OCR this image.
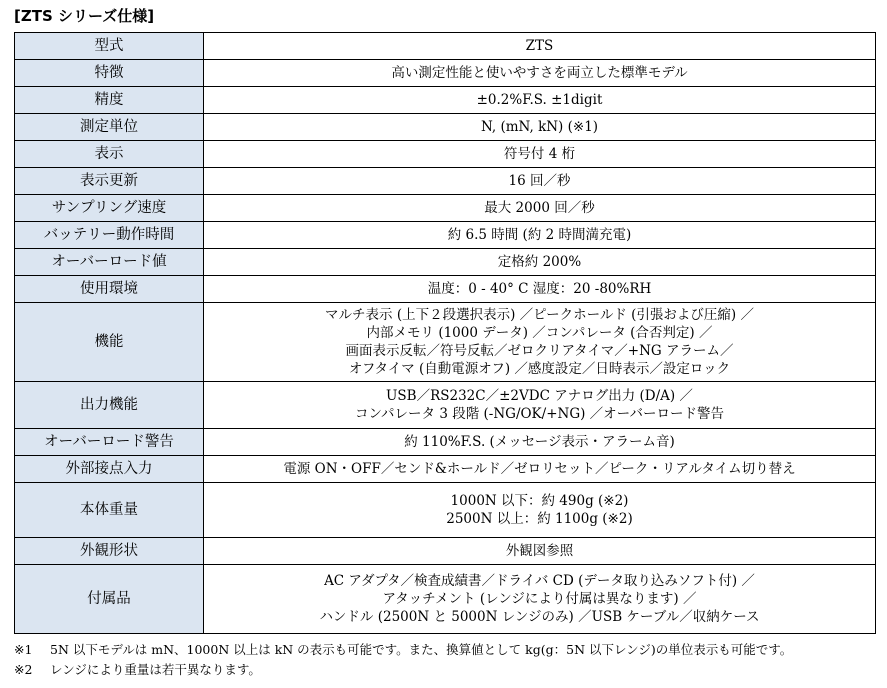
[ZTS シリーズ仕様]
型式	ZTS

特徴	高い測定性能と使いやすさを両立した標準モデル

精度	±0.2%F.S. ±1digit

測定単位	N, (mN, kN) (※1)

表示	符号付 4 桁

表示更新	16 回／秒

サンプリング速度	最大 2000 回／秒

バッテリー動作時間	約 6.5 時間 (約 2 時間満充電)

オーバーロード値	定格約 200%

使用環境	温度：0 - 40° C 湿度：20 -80%RH

機能	マルチ表示 (上下２段選択表示) ／ピークホールド (引張および圧縮) ／
内部メモリ (1000 データ) ／コンパレータ (合否判定) ／
画面表示反転／符号反転／ゼロクリアタイマ／+NG アラーム／
オフタイマ (自動電源オフ) ／感度設定／日時表示／設定ロック

出力機能	USB／RS232C／±2VDC アナログ出力 (D/A) ／
コンパレータ 3 段階 (-NG/OK/+NG) ／オーバーロード警告

オーバーロード警告	約 110%F.S. (メッセージ表示・アラーム音)

外部接点入力	電源 ON・OFF／センド&ホールド／ゼロリセット／ピーク・リアルタイム切り替え

本体重量	1000N 以下：約 490g (※2)
2500N 以上：約 1100g (※2)

外観形状	外観図参照

付属品	AC アダプタ／検査成績書／ドライバ CD (データ取り込みソフト付) ／
アタッチメント (レンジにより付属は異なります) ／
ハンドル (2500N と 5000N レンジのみ) ／USB ケーブル／収納ケース
※1 5N 以下モデルは mN、1000N 以上は kN の表示も可能です。また、換算値として kg(g：5N 以下レンジ)の単位表示も可能です。
※2 レンジにより重量は若干異なります。
